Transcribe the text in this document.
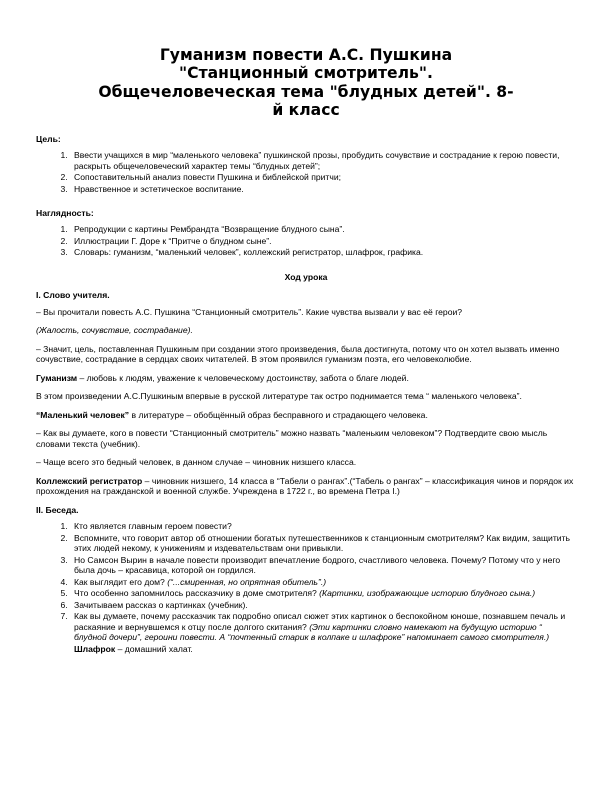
Гуманизм повести А.С. Пушкина "Станционный смотритель". Общечеловеческая тема "блудных детей". 8-й класс
Цель:
1. Ввести учащихся в мир “маленького человека” пушкинской прозы, пробудить сочувствие и сострадание к герою повести, раскрыть общечеловеческий характер темы “блудных детей”;
2. Сопоставительный анализ повести Пушкина и библейской притчи;
3. Нравственное и эстетическое воспитание.
Наглядность:
1. Репродукции с картины Рембрандта “Возвращение блудного сына”.
2. Иллюстрации Г. Доре к “Притче о блудном сыне”.
3. Словарь: гуманизм, “маленький человек”, коллежский регистратор, шлафрок, графика.
Ход урока
I. Слово учителя.

– Вы прочитали повесть А.С. Пушкина “Станционный смотритель”. Какие чувства вызвали у вас её герои?

(Жалость, сочувствие, сострадание).

– Значит, цель, поставленная Пушкиным при создании этого произведения, была достигнута, потому что он хотел вызвать именно сочувствие, сострадание в сердцах своих читателей. В этом проявился гуманизм поэта, его человеколюбие.

Гуманизм – любовь к людям, уважение к человеческому достоинству, забота о благе людей.

В этом произведении А.С.Пушкиным впервые в русской литературе так остро поднимается тема “ маленького человека”.

“Маленький человек” в литературе – обобщённый образ бесправного и страдающего человека.

– Как вы думаете, кого в повести “Станционный смотритель” можно назвать “маленьким человеком”? Подтвердите свою мысль словами текста (учебник).

– Чаще всего это бедный человек, в данном случае – чиновник низшего класса.

Коллежский регистратор – чиновник низшего, 14 класса в “Табели о рангах”.(“Табель о рангах” – классификация чинов и порядок их прохождения на гражданской и военной службе. Учреждена в 1722 г., во времена Петра I.)

II. Беседа.
1. Кто является главным героем повести?
2. Вспомните, что говорит автор об отношении богатых путешественников к станционным смотрителям? Как видим, защитить этих людей некому, к унижениям и издевательствам они привыкли.
3. Но Самсон Вырин в начале повести производит впечатление бодрого, счастливого человека. Почему? Потому что у него была дочь – красавица, которой он гордился.
4. Как выглядит его дом? (“...смиренная, но опрятная обитель”.)
5. Что особенно запомнилось рассказчику в доме смотрителя? (Картинки, изображающие историю блудного сына.)
6. Зачитываем рассказ о картинках (учебник).
7. Как вы думаете, почему рассказчик так подробно описал сюжет этих картинок о беспокойном юноше, познавшем печаль и раскаяние и вернувшемся к отцу после долгого скитания? (Эти картинки словно намекают на будущую историю “ блудной дочери”, героини повести. А “почтенный старик в колпаке и шлафроке” напоминает самого смотрителя.)
Шлафрок – домашний халат.
